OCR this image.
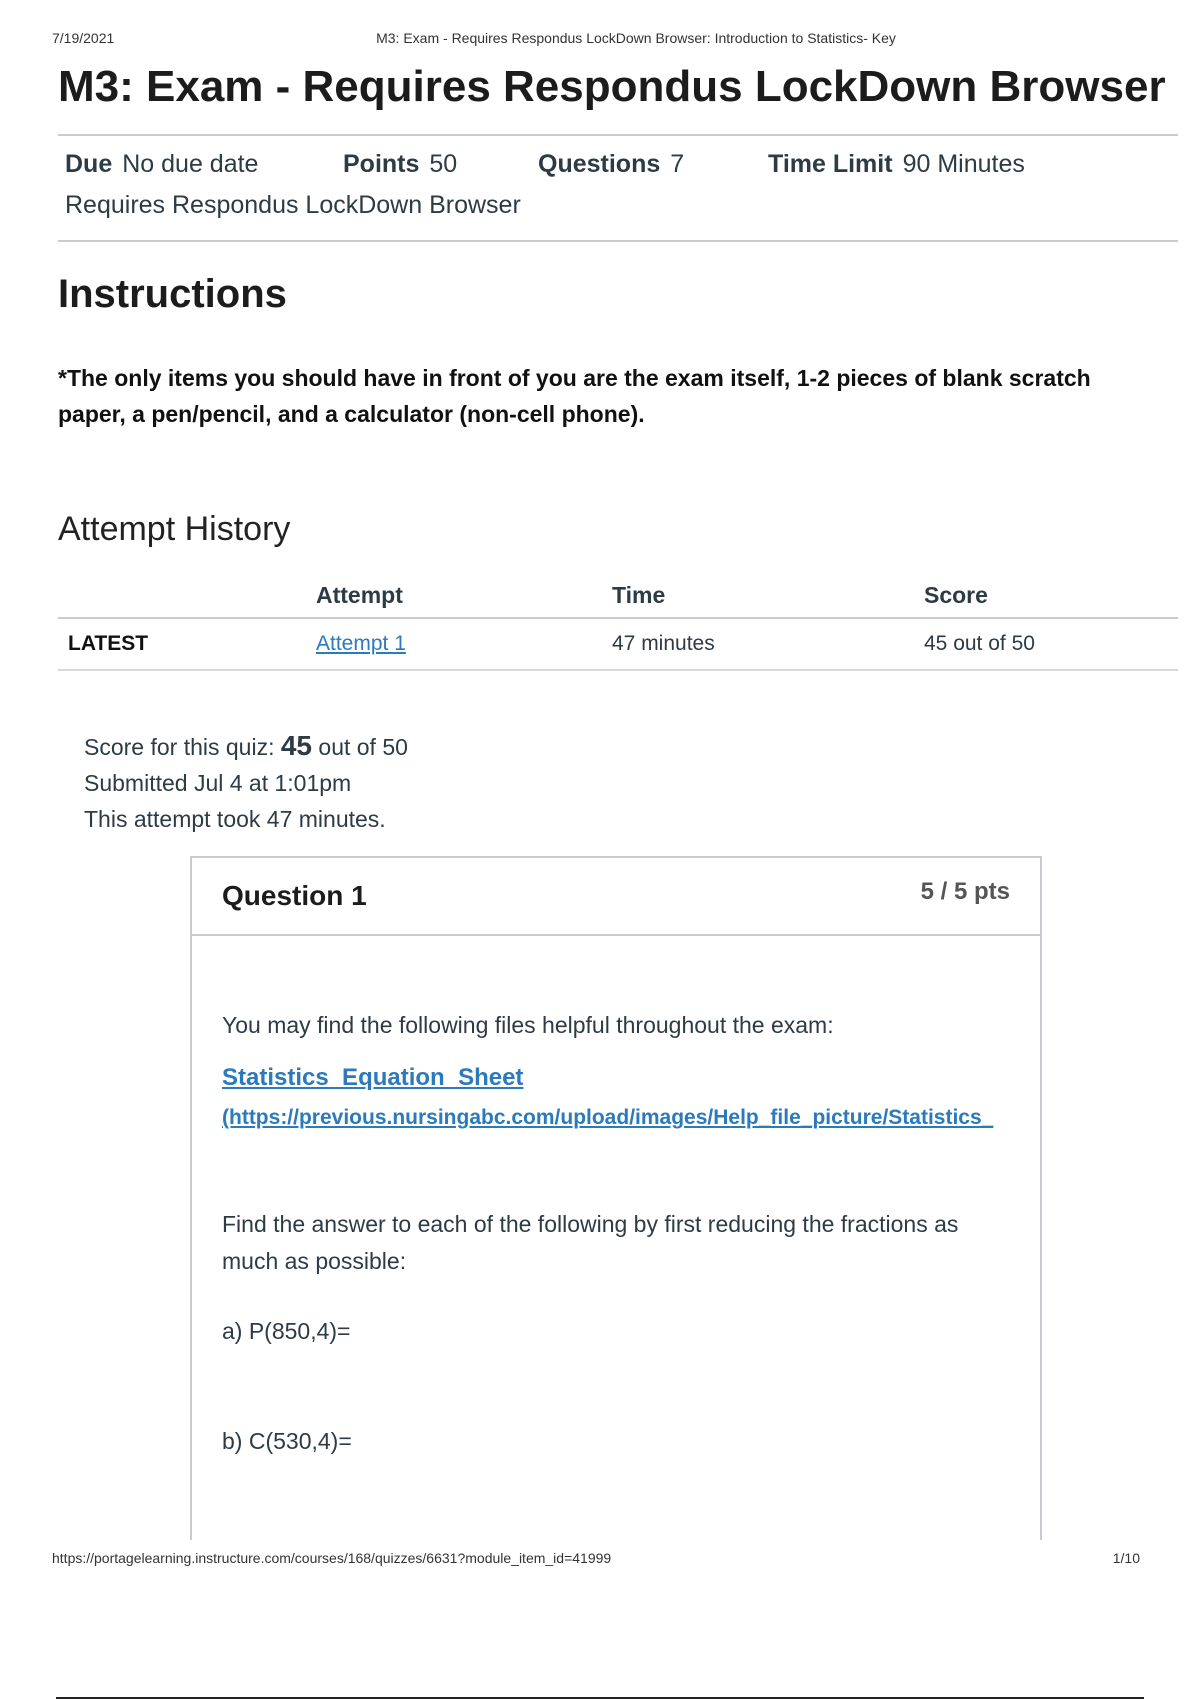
7/19/2021	M3: Exam - Requires Respondus LockDown Browser: Introduction to Statistics- Key
M3: Exam - Requires Respondus LockDown Browser
Due No due date	Points 50	Questions 7	Time Limit 90 Minutes
Requires Respondus LockDown Browser
Instructions

*The only items you should have in front of you are the exam itself, 1-2 pieces of blank scratch paper, a pen/pencil, and a calculator (non-cell phone).

Attempt History
	Attempt	Time	Score
LATEST	Attempt 1	47 minutes	45 out of 50
Score for this quiz: 45 out of 50
Submitted Jul 4 at 1:01pm
This attempt took 47 minutes.
Question 1	5 / 5 pts

You may find the following files helpful throughout the exam:

Statistics_Equation_Sheet
(https://previous.nursingabc.com/upload/images/Help_file_picture/Statistics_

Find the answer to each of the following by first reducing the fractions as much as possible:

a) P(850,4)=

b) C(530,4)=

https://portagelearning.instructure.com/courses/168/quizzes/6631?module_item_id=41999	1/10
